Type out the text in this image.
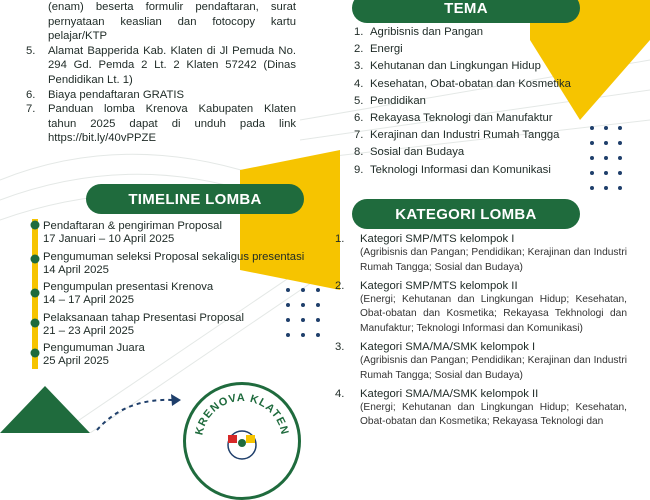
(enam) beserta formulir pendaftaran, surat pernyataan keaslian dan fotocopy kartu pelajar/KTP
5.	Alamat Bapperida Kab. Klaten di Jl Pemuda No. 294 Gd. Pemda 2 Lt. 2 Klaten 57242 (Dinas Pendidikan Lt. 1)
6.	Biaya pendaftaran GRATIS
7.	Panduan lomba Krenova Kabupaten Klaten tahun 2025 dapat di unduh pada link https://bit.ly/40vPPZE
TEMA
1. Agribisnis dan Pangan
2. Energi
3. Kehutanan dan Lingkungan Hidup
4. Kesehatan, Obat-obatan dan Kosmetika
5. Pendidikan
6. Rekayasa Teknologi dan Manufaktur
7. Kerajinan dan Industri Rumah Tangga
8. Sosial dan Budaya
9. Teknologi Informasi dan Komunikasi
TIMELINE LOMBA
Pendaftaran & pengiriman Proposal
17 Januari – 10 April 2025
Pengumuman seleksi Proposal sekaligus presentasi
14 April 2025
Pengumpulan presentasi Krenova
14 – 17 April 2025
Pelaksanaan tahap Presentasi Proposal
21 – 23 April 2025
Pengumuman Juara
25 April 2025
KRENOVA KLATEN
KATEGORI LOMBA
1.	Kategori SMP/MTS kelompok I
(Agribisnis dan Pangan; Pendidikan; Kerajinan dan Industri Rumah Tangga; Sosial dan Budaya)
2.	Kategori SMP/MTS kelompok II
(Energi; Kehutanan dan Lingkungan Hidup; Kesehatan, Obat-obatan dan Kosmetika; Rekayasa Tekhnologi dan Manufaktur; Teknologi Informasi dan Komunikasi)
3.	Kategori SMA/MA/SMK kelompok I
(Agribisnis dan Pangan; Pendidikan; Kerajinan dan Industri Rumah Tangga; Sosial dan Budaya)
4.	Kategori SMA/MA/SMK kelompok II
(Energi; Kehutanan dan Lingkungan Hidup; Kesehatan, Obat-obatan dan Kosmetika; Rekayasa Teknologi dan
